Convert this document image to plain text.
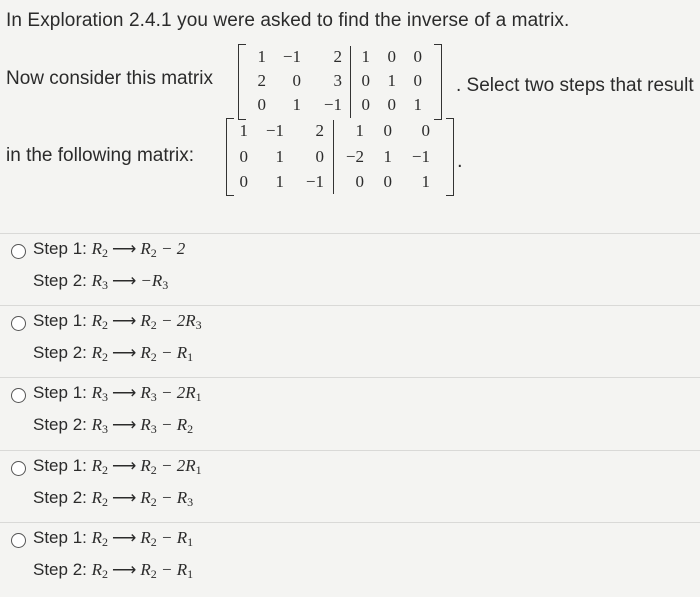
In Exploration 2.4.1 you were asked to find the inverse of a matrix.
Now consider this matrix	. Select two steps that result
in the following matrix:
1 −1	2	1	0	0
2	0	3	0	1	0
0	1	−1	0	0	1
1	−1	2	1	0	0
0	1	0	−2	1	−1
0	1	−1	0	0	1
.
Step 1: $R_2$ ⟶ $R_2 - 2$
Step 2: $R_3$ ⟶ $-R_3$
Step 1: $R_2$ ⟶ $R_2 - 2R_3$
Step 2: $R_2$ ⟶ $R_2 - R_1$
Step 1: $R_3$ ⟶ $R_3 - 2R_1$
Step 2: $R_3$ ⟶ $R_3 - R_2$
Step 1: $R_2$ ⟶ $R_2 - 2R_1$
Step 2: $R_2$ ⟶ $R_2 - R_3$
Step 1: $R_2$ ⟶ $R_2 - R_1$
Step 2: $R_2$ ⟶ $R_2 - R_1$
